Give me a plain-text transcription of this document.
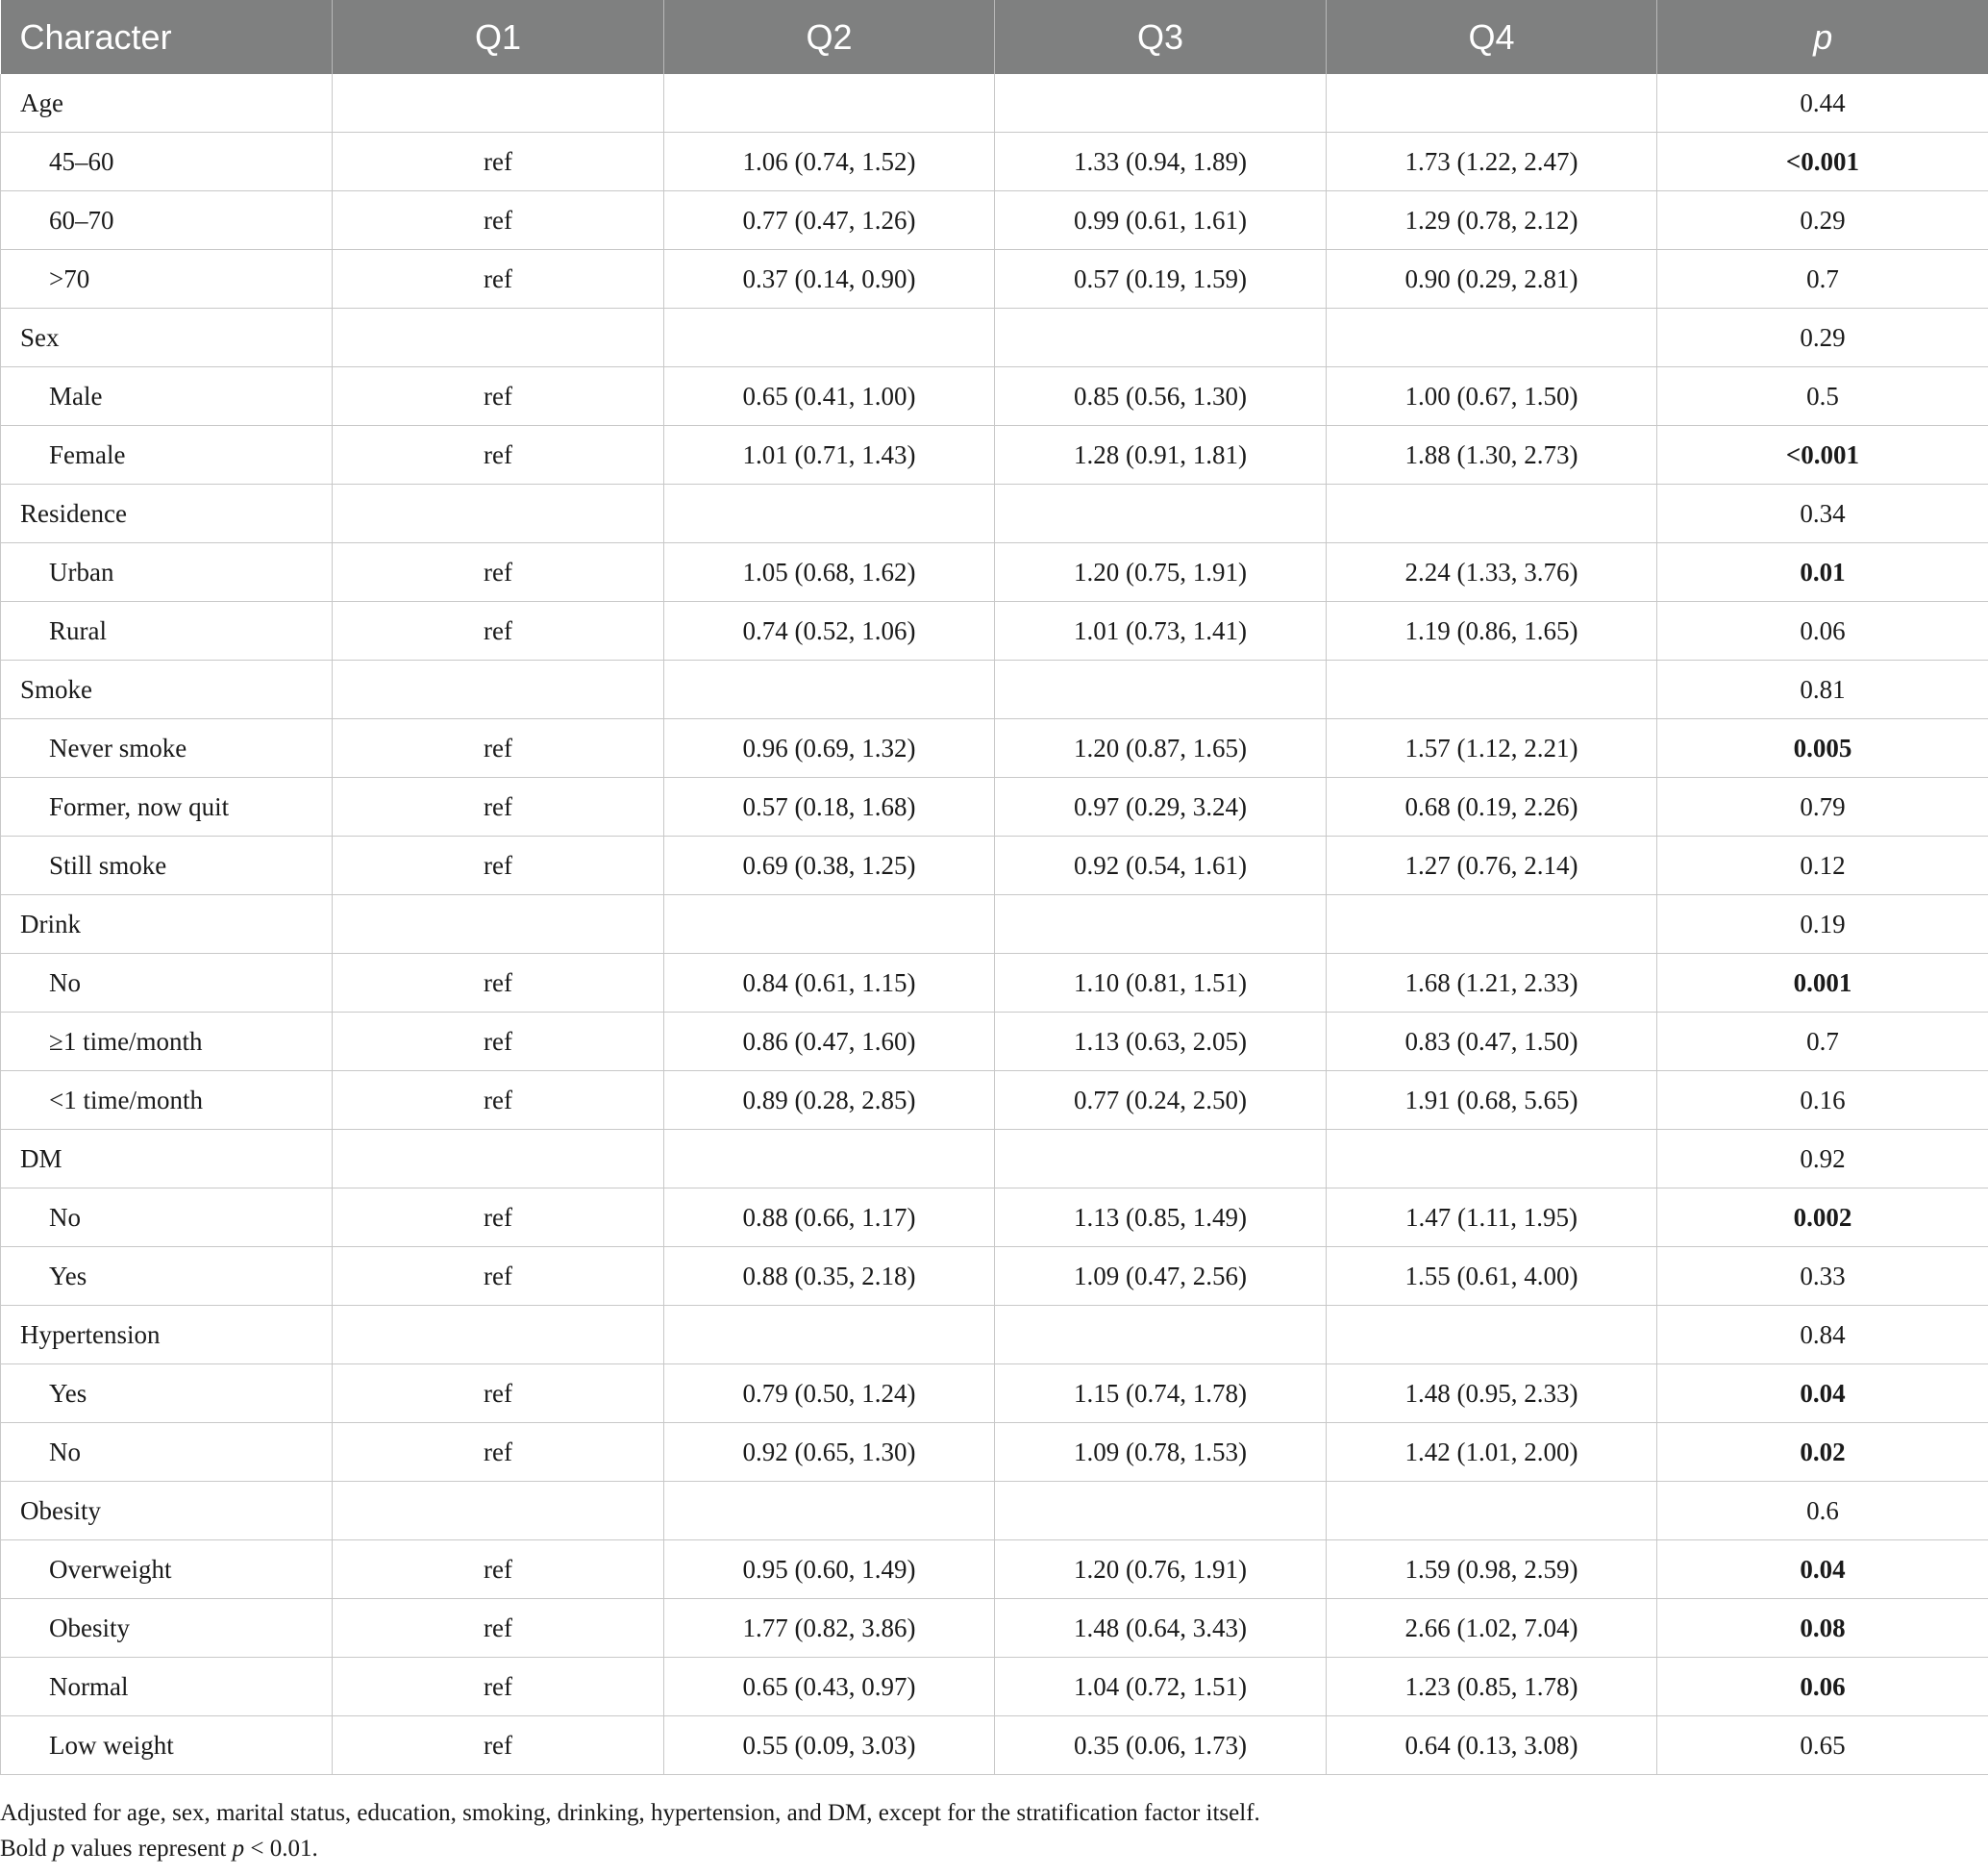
Character	Q1	Q2	Q3	Q4	p
Age					0.44
45–60	ref	1.06 (0.74, 1.52)	1.33 (0.94, 1.89)	1.73 (1.22, 2.47)	<0.001
60–70	ref	0.77 (0.47, 1.26)	0.99 (0.61, 1.61)	1.29 (0.78, 2.12)	0.29
>70	ref	0.37 (0.14, 0.90)	0.57 (0.19, 1.59)	0.90 (0.29, 2.81)	0.7
Sex					0.29
Male	ref	0.65 (0.41, 1.00)	0.85 (0.56, 1.30)	1.00 (0.67, 1.50)	0.5
Female	ref	1.01 (0.71, 1.43)	1.28 (0.91, 1.81)	1.88 (1.30, 2.73)	<0.001
Residence					0.34
Urban	ref	1.05 (0.68, 1.62)	1.20 (0.75, 1.91)	2.24 (1.33, 3.76)	0.01
Rural	ref	0.74 (0.52, 1.06)	1.01 (0.73, 1.41)	1.19 (0.86, 1.65)	0.06
Smoke					0.81
Never smoke	ref	0.96 (0.69, 1.32)	1.20 (0.87, 1.65)	1.57 (1.12, 2.21)	0.005
Former, now quit	ref	0.57 (0.18, 1.68)	0.97 (0.29, 3.24)	0.68 (0.19, 2.26)	0.79
Still smoke	ref	0.69 (0.38, 1.25)	0.92 (0.54, 1.61)	1.27 (0.76, 2.14)	0.12
Drink					0.19
No	ref	0.84 (0.61, 1.15)	1.10 (0.81, 1.51)	1.68 (1.21, 2.33)	0.001
≥1 time/month	ref	0.86 (0.47, 1.60)	1.13 (0.63, 2.05)	0.83 (0.47, 1.50)	0.7
<1 time/month	ref	0.89 (0.28, 2.85)	0.77 (0.24, 2.50)	1.91 (0.68, 5.65)	0.16
DM					0.92
No	ref	0.88 (0.66, 1.17)	1.13 (0.85, 1.49)	1.47 (1.11, 1.95)	0.002
Yes	ref	0.88 (0.35, 2.18)	1.09 (0.47, 2.56)	1.55 (0.61, 4.00)	0.33
Hypertension					0.84
Yes	ref	0.79 (0.50, 1.24)	1.15 (0.74, 1.78)	1.48 (0.95, 2.33)	0.04
No	ref	0.92 (0.65, 1.30)	1.09 (0.78, 1.53)	1.42 (1.01, 2.00)	0.02
Obesity					0.6
Overweight	ref	0.95 (0.60, 1.49)	1.20 (0.76, 1.91)	1.59 (0.98, 2.59)	0.04
Obesity	ref	1.77 (0.82, 3.86)	1.48 (0.64, 3.43)	2.66 (1.02, 7.04)	0.08
Normal	ref	0.65 (0.43, 0.97)	1.04 (0.72, 1.51)	1.23 (0.85, 1.78)	0.06
Low weight	ref	0.55 (0.09, 3.03)	0.35 (0.06, 1.73)	0.64 (0.13, 3.08)	0.65
Adjusted for age, sex, marital status, education, smoking, drinking, hypertension, and DM, except for the stratification factor itself.
Bold p values represent p < 0.01.
